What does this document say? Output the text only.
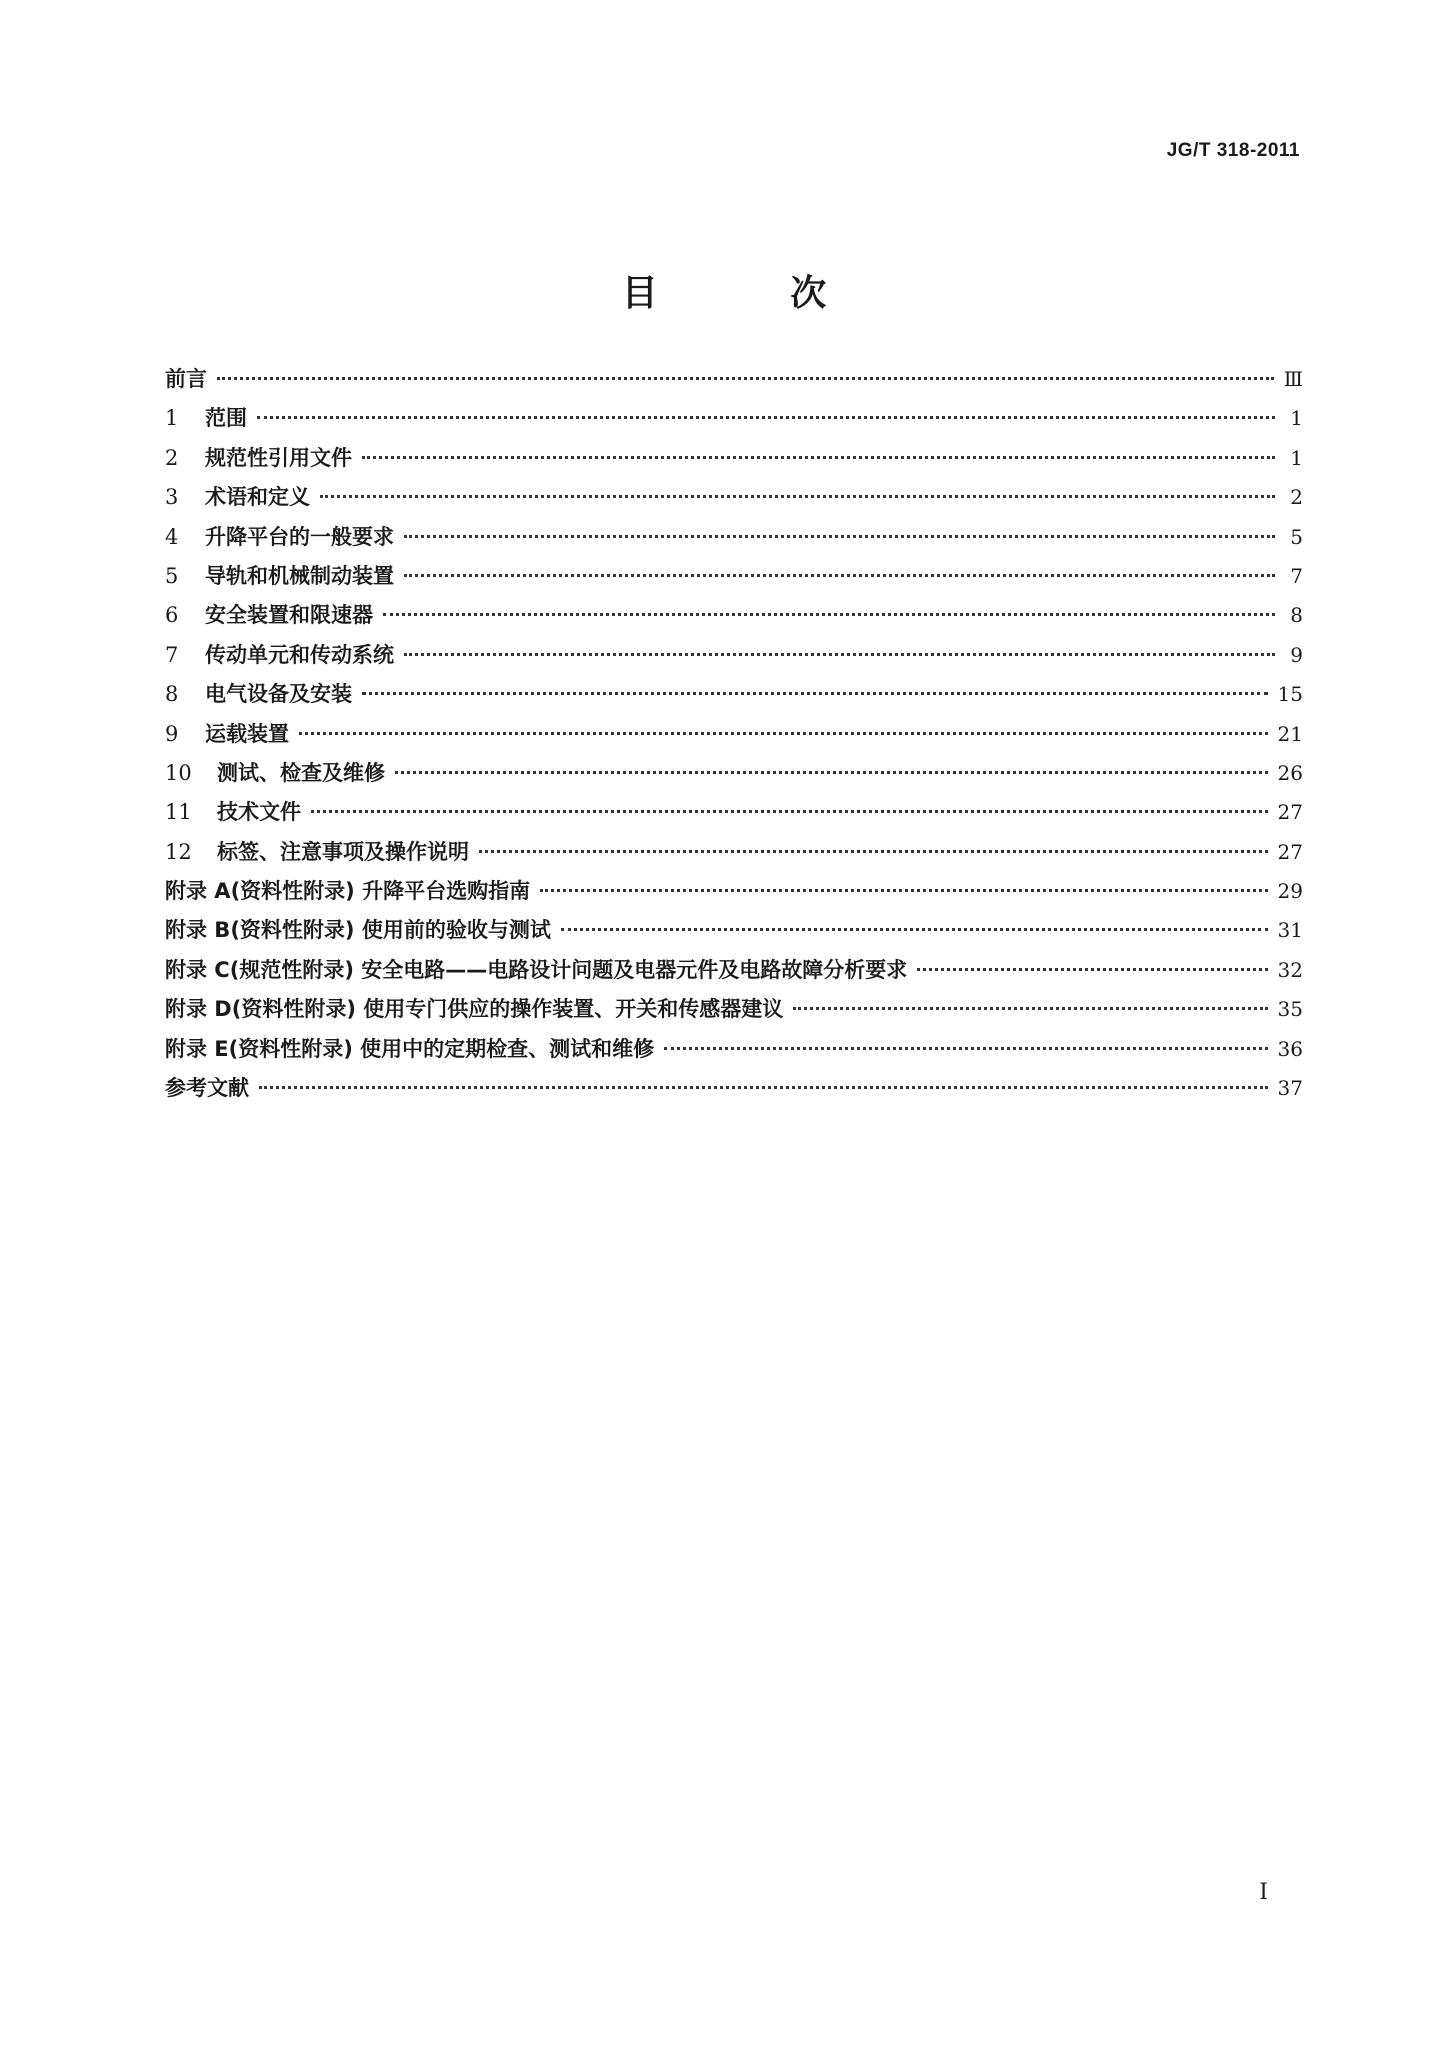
JG/T 318-2011
目 次
前言	Ⅲ
1 范围	1
2 规范性引用文件	1
3 术语和定义	2
4 升降平台的一般要求	5
5 导轨和机械制动装置	7
6 安全装置和限速器	8
7 传动单元和传动系统	9
8 电气设备及安装	15
9 运载装置	21
10 测试、检查及维修	26
11 技术文件	27
12 标签、注意事项及操作说明	27
附录 A(资料性附录) 升降平台选购指南	29
附录 B(资料性附录) 使用前的验收与测试	31
附录 C(规范性附录) 安全电路——电路设计问题及电器元件及电路故障分析要求	32
附录 D(资料性附录) 使用专门供应的操作装置、开关和传感器建议	35
附录 E(资料性附录) 使用中的定期检查、测试和维修	36
参考文献	37
I
